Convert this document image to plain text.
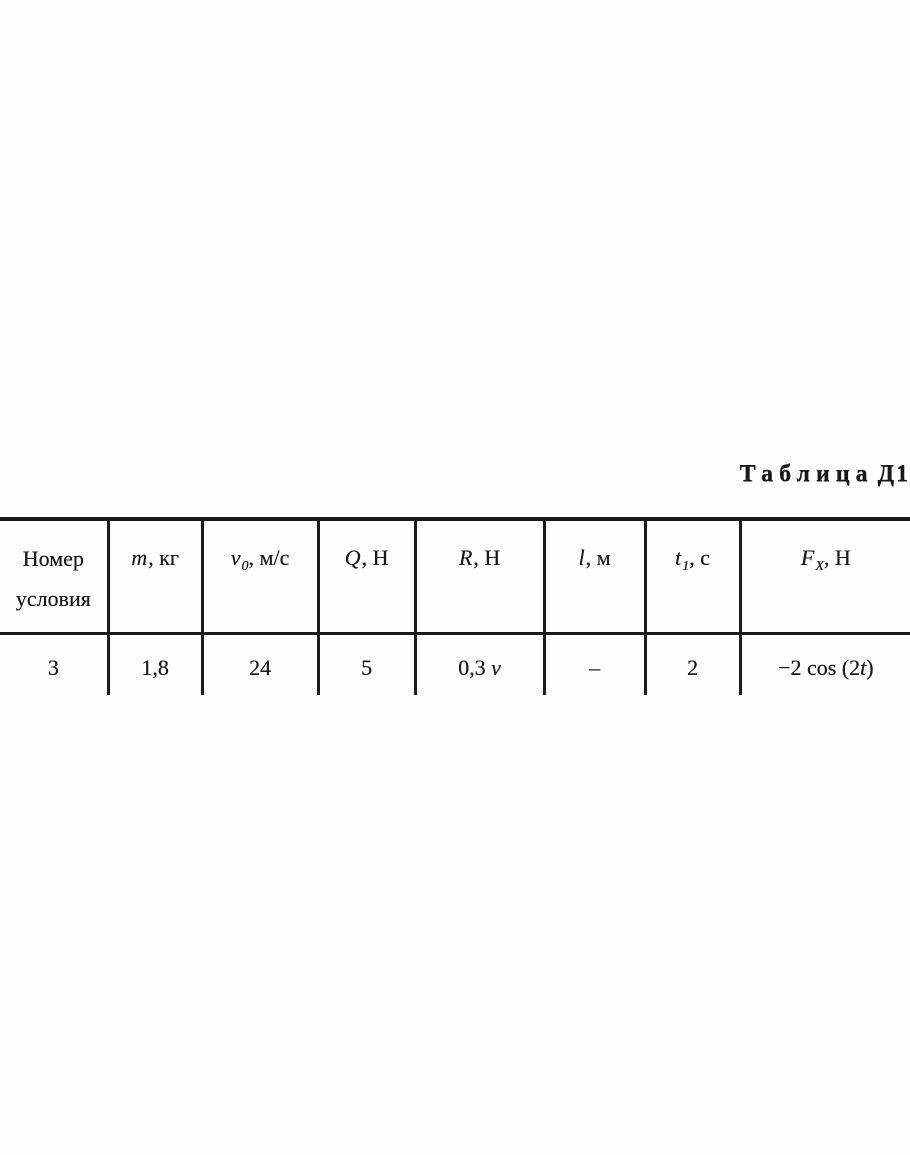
Таблица Д1
Номер
условия	m, кг	$v_0$, м/с	Q, Н	R, Н	l, м	$t_1$, с	$F_X$, Н
3	1,8	24	5	0,3 v	–	2	−2 cos (2t)
